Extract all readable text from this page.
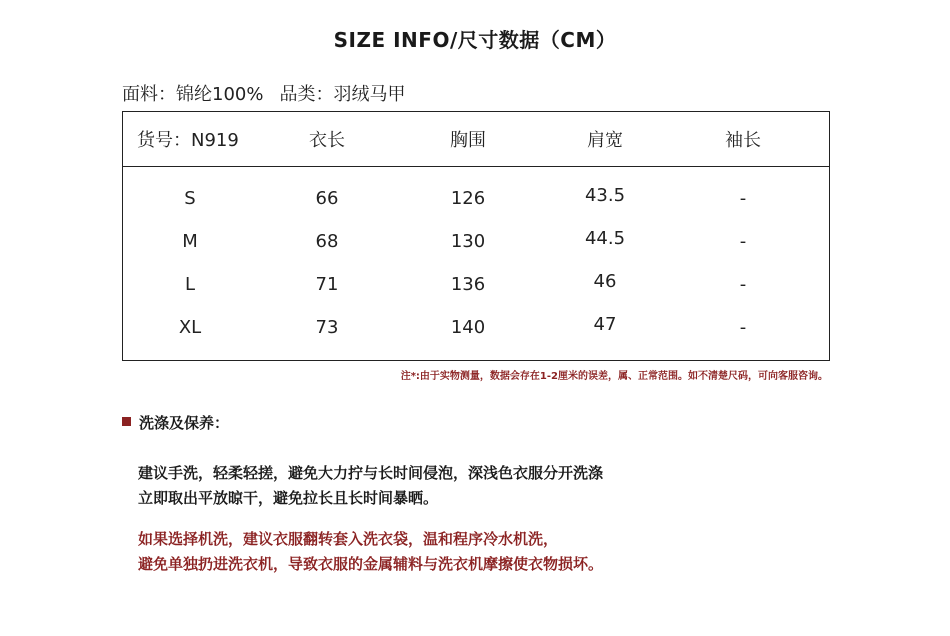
SIZE INFO/尺寸数据（CM）
面料：锦纶100% 品类：羽绒马甲
货号：N919	衣长	胸围	肩宽	袖长
S	66	126	43.5	-
M	68	130	44.5	-
L	71	136	46	-
XL	73	140	47	-
注*:由于实物测量，数据会存在1-2厘米的误差，属、正常范围。如不清楚尺码，可向客服咨询。
洗涤及保养：
建议手洗，轻柔轻搓，避免大力拧与长时间侵泡，深浅色衣服分开洗涤
立即取出平放晾干，避免拉长且长时间暴晒。
如果选择机洗，建议衣服翻转套入洗衣袋，温和程序冷水机洗，
避免单独扔进洗衣机，导致衣服的金属辅料与洗衣机摩擦使衣物损坏。
